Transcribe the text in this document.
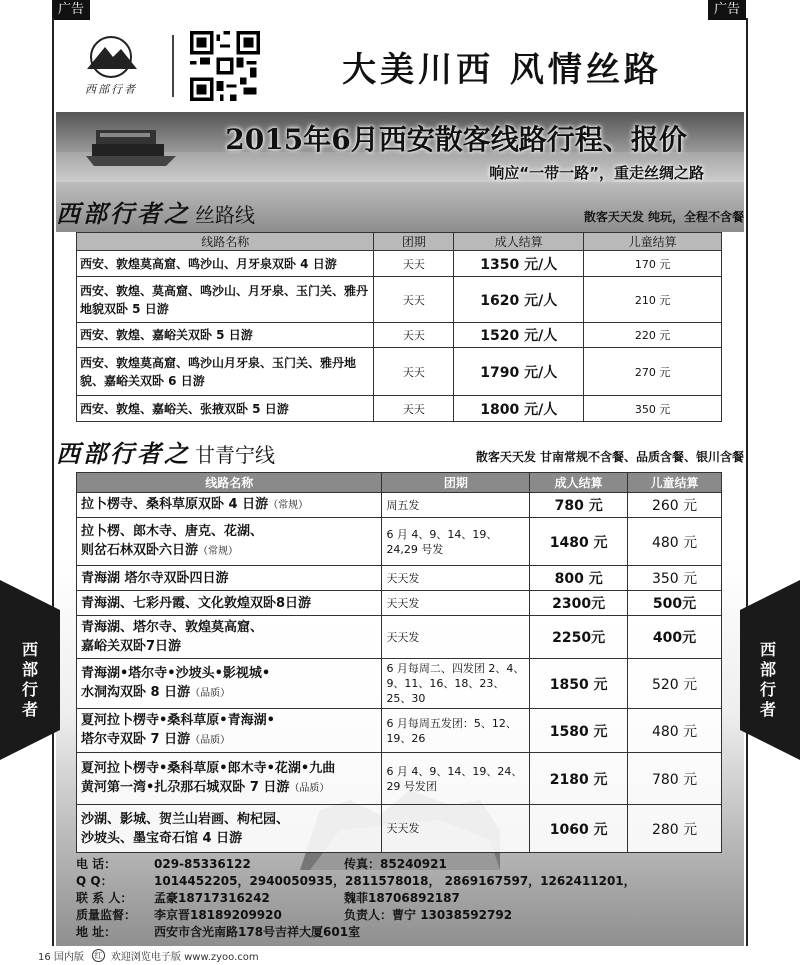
广告	广告
西部行者	大美川西 风情丝路
2015年6月西安散客线路行程、报价
响应“一带一路”，重走丝绸之路
西部行者之 丝路线	散客天天发 纯玩，全程不含餐
线路名称	团期	成人结算	儿童结算
西安、敦煌莫高窟、鸣沙山、月牙泉双卧 4 日游	天天	1350 元/人	170 元
西安、敦煌、莫高窟、鸣沙山、月牙泉、玉门关、雅丹地貌双卧 5 日游	天天	1620 元/人	210 元
西安、敦煌、嘉峪关双卧 5 日游	天天	1520 元/人	220 元
西安、敦煌莫高窟、鸣沙山月牙泉、玉门关、雅丹地貌、嘉峪关双卧 6 日游	天天	1790 元/人	270 元
西安、敦煌、嘉峪关、张掖双卧 5 日游	天天	1800 元/人	350 元
西部行者之 甘青宁线	散客天天发 甘南常规不含餐、品质含餐、银川含餐
线路名称	团期	成人结算	儿童结算
拉卜楞寺、桑科草原双卧 4 日游（常规）	周五发	780 元	260 元
拉卜楞、郎木寺、唐克、花湖、
则岔石林双卧六日游（常规）	6 月 4、9、14、19、24,29 号发	1480 元	480 元
青海湖 塔尔寺双卧四日游	天天发	800 元	350 元
青海湖、七彩丹霞、文化敦煌双卧8日游	天天发	2300元	500元
青海湖、塔尔寺、敦煌莫高窟、
嘉峪关双卧7日游	天天发	2250元	400元
青海湖•塔尔寺•沙坡头•影视城•
水洞沟双卧 8 日游（品质）	6 月每周二、四发团 2、4、9、11、16、18、23、25、30	1850 元	520 元
夏河拉卜楞寺•桑科草原•青海湖•
塔尔寺双卧 7 日游（品质）	6 月每周五发团：5、12、19、26	1580 元	480 元
夏河拉卜楞寺•桑科草原•郎木寺•花湖•九曲
黄河第一湾•扎尕那石城双卧 7 日游（品质）	6 月 4、9、14、19、24、29 号发团	2180 元	780 元
沙湖、影城、贺兰山岩画、枸杞园、
沙坡头、墨宝奇石馆 4 日游	天天发	1060 元	280 元
西部行者
西部行者
电 话：	029-85336122	传真： 85240921
Q Q：	1014452205，2940050935，2811578018， 2869167597，1262411201，
联 系 人：	孟豪18717316242	魏菲18706892187
质量监督：	李京晋18189209920	负责人： 曹宁 13038592792
地 址：	西安市含光南路178号吉祥大厦601室
16 国内版	红 欢迎浏览电子版 www.zyoo.com
